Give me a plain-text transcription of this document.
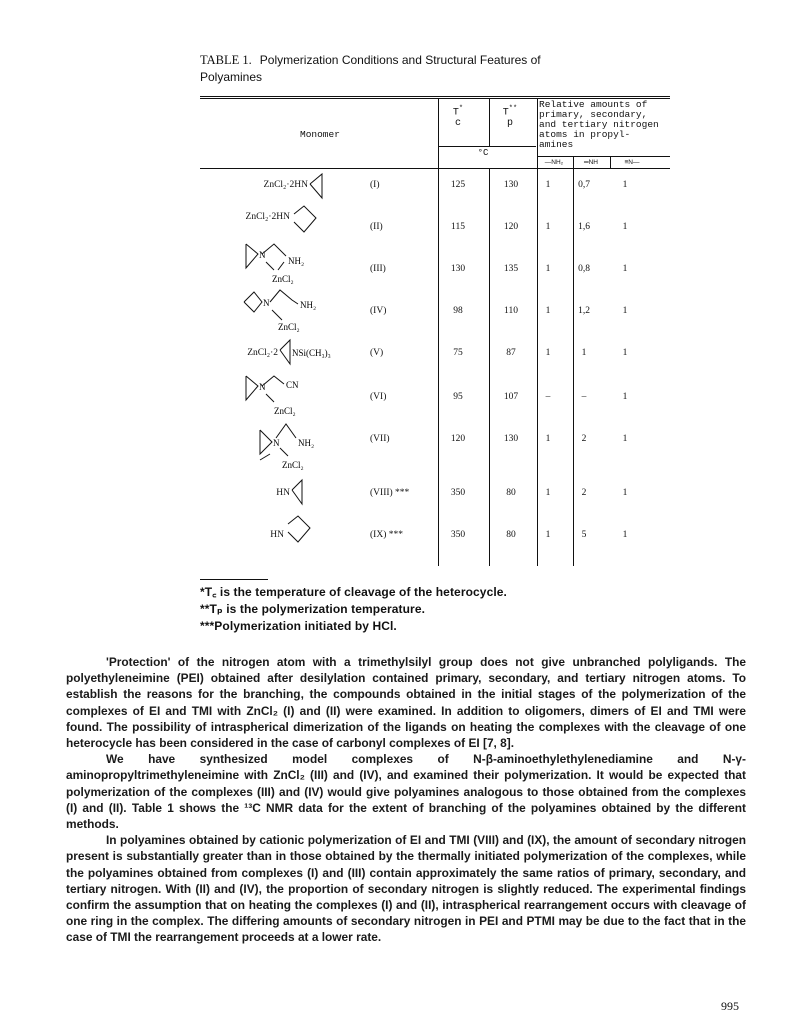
TABLE 1. Polymerization Conditions and Structural Features of
Polyamines
Monomer
T*
c
T**
p
Relative amounts of
primary, secondary,
and tertiary nitrogen
atoms in propyl-
amines
°C
—NH₂	═NH	≡N—
ZnCl₂·2HN	(I)	125	130	1	0,7	1
(II)	115	120	1	1,6	1
ZnCl₂·2HN
(III)	130	135	1	0,8	1
N
NH₂
ZnCl₂
(IV)	98	110	1	1,2	1
N	NH₂
ZnCl₂
ZnCl₂·2	(V)	75	87	1	1	1
NSi(CH₃)₃
(VI)	95	107	–	–	1
N CN
ZnCl₂
(VII)	120	130	1	2	1
N NH₂
ZnCl₂
HN	(VIII) ***	350	80	1	2	1
HN	(IX) ***	350	80	1	5	1
*T꜀ is the temperature of cleavage of the heterocycle.
**Tₚ is the polymerization temperature.
***Polymerization initiated by HCl.

'Protection' of the nitrogen atom with a trimethylsilyl group does not give unbranched polyligands. The polyethyleneimine (PEI) obtained after desilylation contained primary, secondary, and tertiary nitrogen atoms. To establish the reasons for the branching, the compounds obtained in the initial stages of the polymerization of the complexes of EI and TMI with ZnCl₂ (I) and (II) were examined. In addition to oligomers, dimers of EI and TMI were found. The possibility of intraspherical dimerization of the ligands on heating the complexes with the cleavage of one heterocycle has been considered in the case of carbonyl complexes of EI [7, 8].

We have synthesized model complexes of N-β-aminoethylethylenediamine and N-γ-aminopropyltrimethyleneimine with ZnCl₂ (III) and (IV), and examined their polymerization. It would be expected that polymerization of the complexes (III) and (IV) would give polyamines analogous to those obtained from the complexes (I) and (II). Table 1 shows the ¹³C NMR data for the extent of branching of the polyamines obtained by the different methods.

In polyamines obtained by cationic polymerization of EI and TMI (VIII) and (IX), the amount of secondary nitrogen present is substantially greater than in those obtained by the thermally initiated polymerization of the complexes, while the polyamines obtained from complexes (I) and (III) contain approximately the same ratios of primary, secondary, and tertiary nitrogen. With (II) and (IV), the proportion of secondary nitrogen is slightly reduced. The experimental findings confirm the assumption that on heating the complexes (I) and (II), intraspherical rearrangement occurs with cleavage of one ring in the complex. The differing amounts of secondary nitrogen in PEI and PTMI may be due to the fact that in the case of TMI the rearrangement proceeds at a lower rate.

995
